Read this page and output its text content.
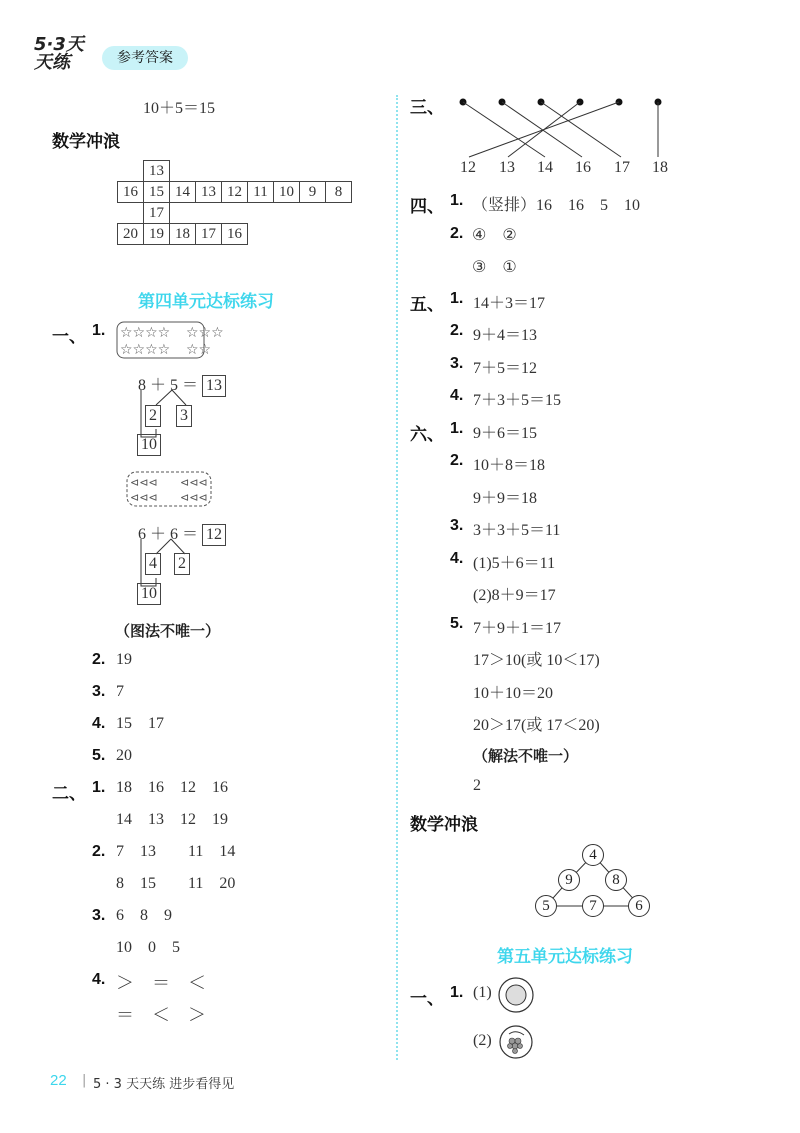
5·3天天练	参考答案
10＋5＝15
数学冲浪
	13							
16	15	14	13	12	11	10	9	8
	17							
20	19	18	17	16				
第四单元达标练习
一、 1. ☆☆☆☆
☆☆☆☆
☆☆☆
☆☆
8 ＋ 5 ＝ 13
2 3
10
⊲⊲⊲ ⊲⊲⊲
⊲⊲⊲ ⊲⊲⊲
6 ＋ 6 ＝ 12
4 2
10
（图法不唯一）
2. 19
3. 7
4. 15    17
5. 20
二、 1. 18    16    12    16
14    13    12    19
2. 7    13        11    14
8    15        11    20
3. 6    8    9
10    0    5
4. ＞    ＝    ＜
＝    ＜    ＞
三、
12 13 14 16 17 18
四、 1. （竖排）16    16    5    10
2. ④    ②
③    ①
五、 1. 14＋3＝17
2. 9＋4＝13
3. 7＋5＝12
4. 7＋3＋5＝15
六、 1. 9＋6＝15
2. 10＋8＝18
9＋9＝18
3. 3＋3＋5＝11
4. (1)5＋6＝11
(2)8＋9＝17
5. 7＋9＋1＝17
17＞10(或 10＜17)
10＋10＝20
20＞17(或 17＜20)
（解法不唯一）
2
数学冲浪
4
9	8
5	7	6
第五单元达标练习
一、 1. (1)
(2)
22 | 5 · 3 天天练 进步看得见
